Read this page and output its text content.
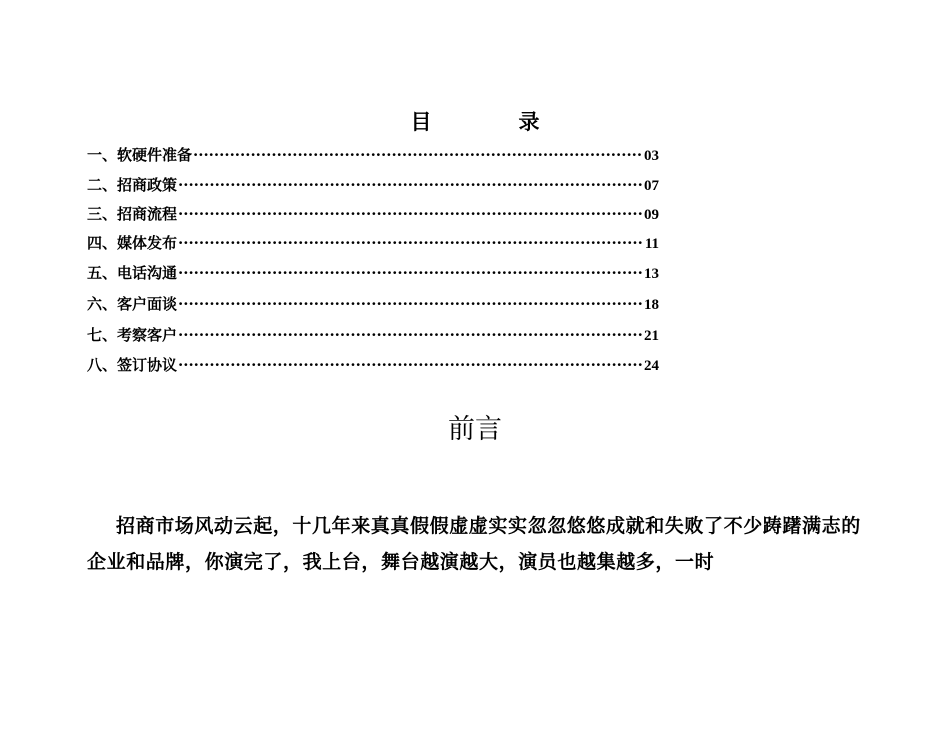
目	录
一、软硬件准备 ·····	03
二、招商政策 ·····	07
三、招商流程 ·····	09
四、媒体发布 ·····	11
五、电话沟通 ·····	13
六、客户面谈 ·····	18
七、考察客户 ·····	21
八、签订协议 ·····	24
前言

招商市场风动云起，十几年来真真假假虚虚实实忽忽悠悠成就和失败了不少踌躇满志的企业和品牌，你演完了，我上台，舞台越演越大，演员也越集越多，一时
